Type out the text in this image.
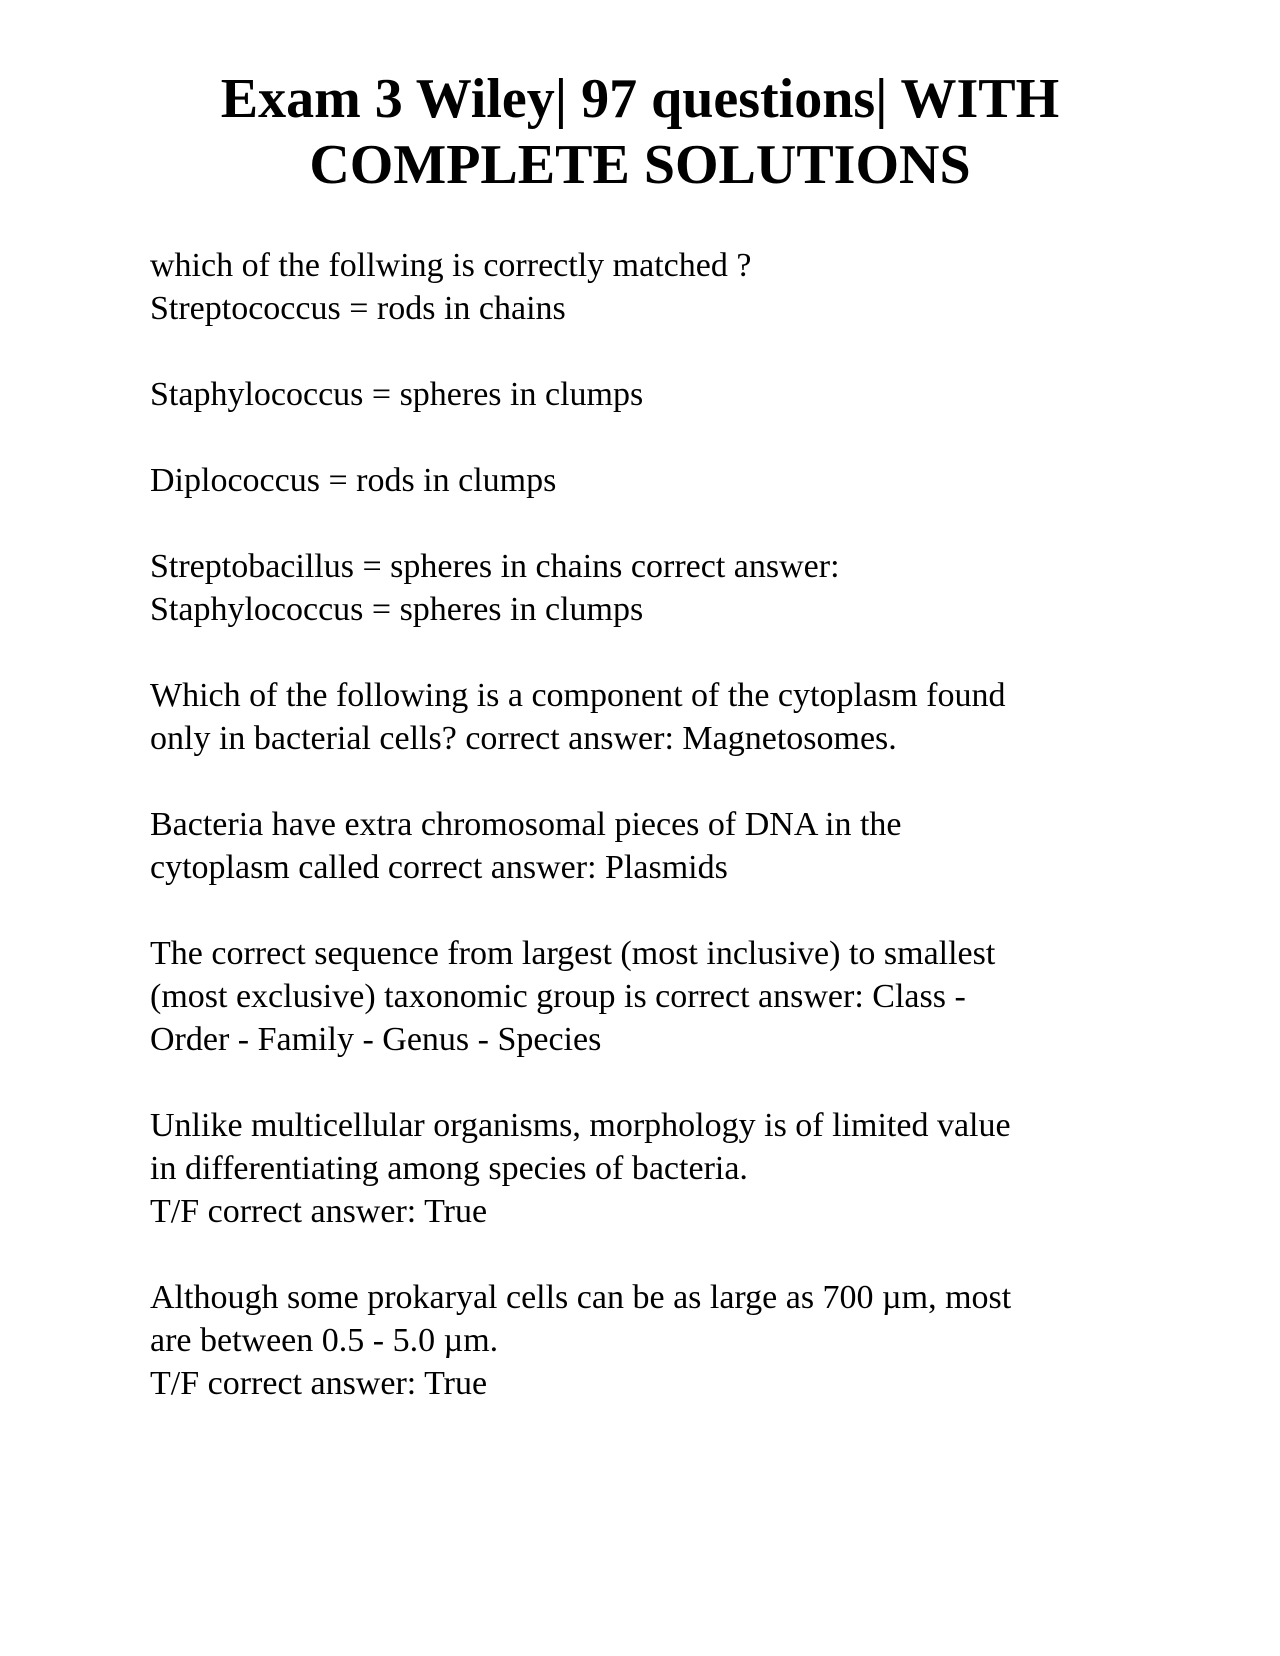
Exam 3 Wiley| 97 questions| WITH
COMPLETE SOLUTIONS
which of the follwing is correctly matched ?
Streptococcus = rods in chains
Staphylococcus = spheres in clumps
Diplococcus = rods in clumps
Streptobacillus = spheres in chains correct answer:
Staphylococcus = spheres in clumps
Which of the following is a component of the cytoplasm found
only in bacterial cells? correct answer: Magnetosomes.
Bacteria have extra chromosomal pieces of DNA in the
cytoplasm called correct answer: Plasmids
The correct sequence from largest (most inclusive) to smallest
(most exclusive) taxonomic group is correct answer: Class -
Order - Family - Genus - Species
Unlike multicellular organisms, morphology is of limited value
in differentiating among species of bacteria.
T/F correct answer: True
Although some prokaryal cells can be as large as 700 µm, most
are between 0.5 - 5.0 µm.
T/F correct answer: True
